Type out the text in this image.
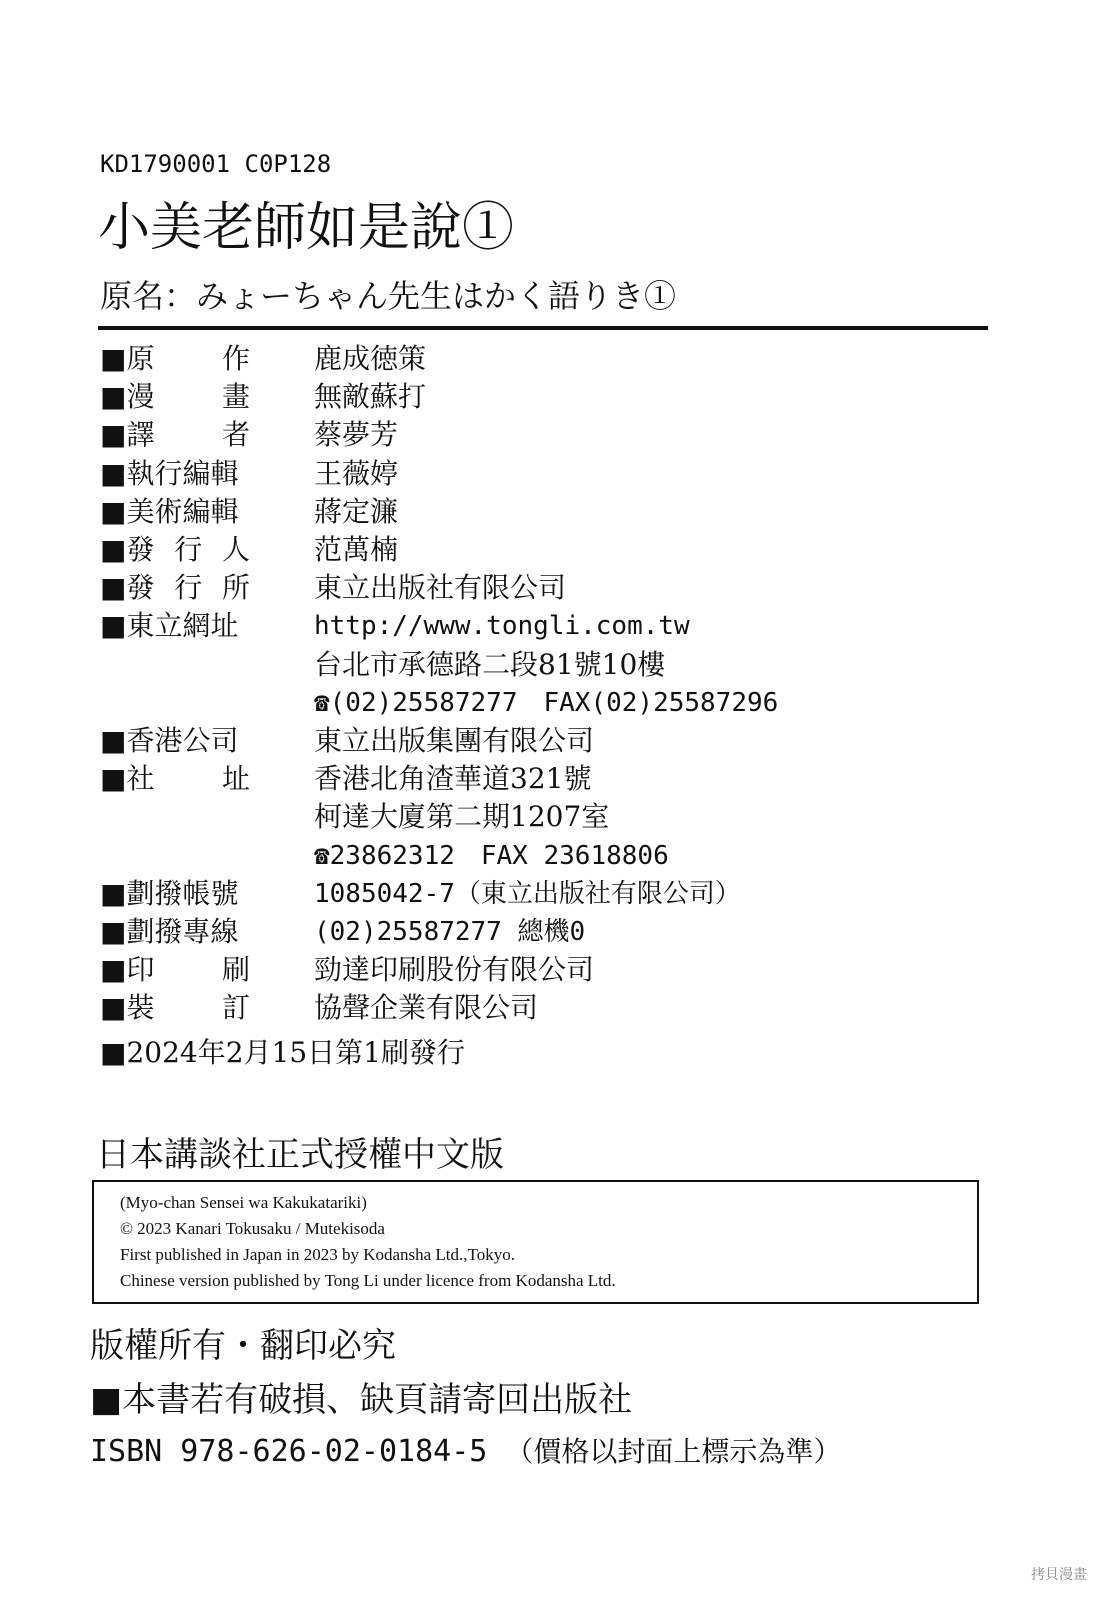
KD1790001 C0P128
小美老師如是說①
原名：みょーちゃん先生はかく語りき①
■原 作 鹿成徳策
■漫 畫 無敵蘇打
■譯 者 蔡夢芳
■執行編輯	王薇婷
■美術編輯	蔣定濂
■發 行 人 范萬楠
■發 行 所 東立出版社有限公司
■東立網址	http://www.tongli.com.tw
台北市承德路二段81號10樓
☎(02)25587277　FAX(02)25587296
■香港公司	東立出版集團有限公司
■社 址 香港北角渣華道321號
柯達大廈第二期1207室
☎23862312　FAX 23618806
■劃撥帳號	1085042-7（東立出版社有限公司）
■劃撥專線	(02)25587277 總機0
■印 刷 勁達印刷股份有限公司
■裝 訂 協聲企業有限公司
■2024年2月15日第1刷發行
日本講談社正式授權中文版
(Myo-chan Sensei wa Kakukatariki)
© 2023 Kanari Tokusaku / Mutekisoda
First published in Japan in 2023 by Kodansha Ltd.,Tokyo.
Chinese version published by Tong Li under licence from Kodansha Ltd.
版權所有・翻印必究
■本書若有破損、缺頁請寄回出版社
ISBN 978-626-02-0184-5 （價格以封面上標示為準）
拷貝漫畫
